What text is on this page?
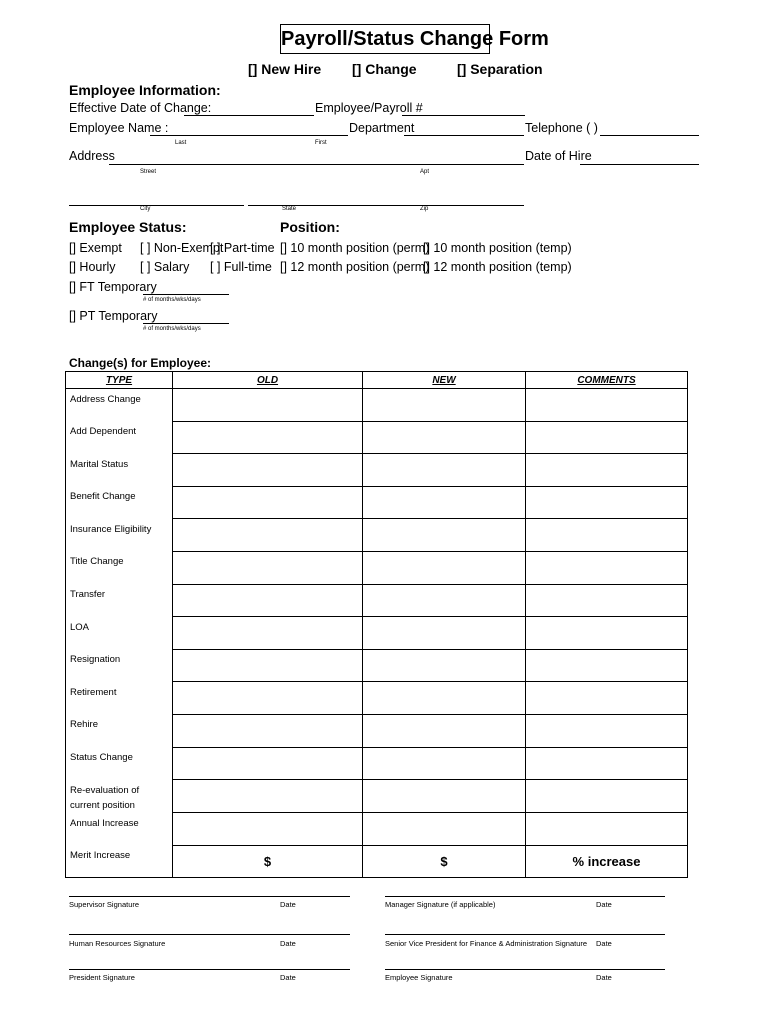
Payroll/Status Change Form
[] New Hire [] Change	[] Separation
Employee Information:
Effective Date of Change:	Employee/Payroll #
Employee Name :
Last	First
Department	Telephone ( )
Address
Street	Apt
Date of Hire
City	State	Zip
Employee Status:
[] Exempt [ ] Non-Exempt
[ ] Part-time
[] Hourly [ ] Salary [ ] Full-time
[] FT Temporary
# of months/wks/days
[] PT Temporary
# of months/wks/days
Position:
[] 10 month position (perm)
[] 10 month position (temp)
[] 12 month position (perm)
[] 12 month position (temp)
Change(s) for Employee:
TYPE	OLD	NEW	COMMENTS
Address Change			
Add Dependent			
Marital Status			
Benefit Change			
Insurance Eligibility			
Title Change			
Transfer			
LOA			
Resignation			
Retirement			
Rehire			
Status Change			
Re-evaluation of current position			
Annual Increase			
Merit Increase	$	$	% increase
Supervisor Signature	Date	Manager Signature (if applicable)	Date
Human Resources Signature	Date	Senior Vice President for Finance & Administration Signature Date
President Signature	Date	Employee Signature	Date
